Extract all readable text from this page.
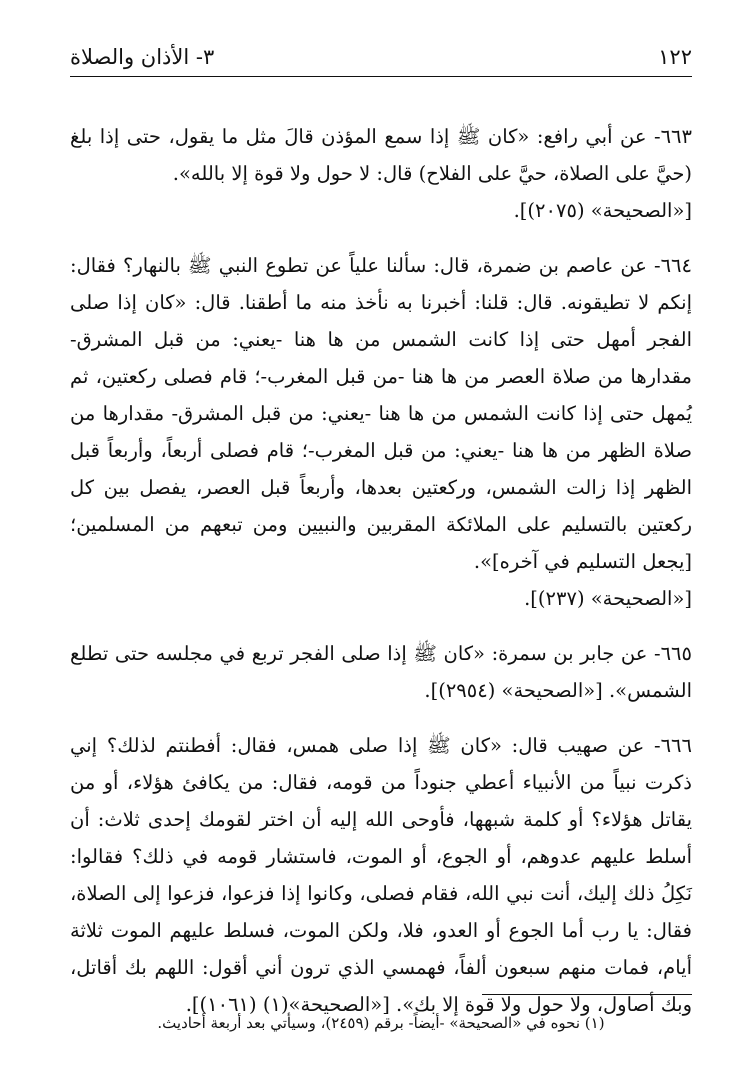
١٢٢
٣- الأذان والصلاة

٦٦٣- عن أبي رافع: «كان ﷺ إذا سمع المؤذن قالَ مثل ما يقول، حتى إذا بلغ (حيَّ على الصلاة، حيَّ على الفلاح) قال: لا حول ولا قوة إلا بالله».

[«الصحيحة» (٢٠٧٥)].

٦٦٤- عن عاصم بن ضمرة، قال: سألنا علياً عن تطوع النبي ﷺ بالنهار؟ فقال: إنكم لا تطيقونه. قال: قلنا: أخبرنا به نأخذ منه ما أطقنا. قال: «كان إذا صلى الفجر أمهل حتى إذا كانت الشمس من ها هنا -يعني: من قبل المشرق- مقدارها من صلاة العصر من ها هنا -من قبل المغرب-؛ قام فصلى ركعتين، ثم يُمهل حتى إذا كانت الشمس من ها هنا -يعني: من قبل المشرق- مقدارها من صلاة الظهر من ها هنا -يعني: من قبل المغرب-؛ قام فصلى أربعاً، وأربعاً قبل الظهر إذا زالت الشمس، وركعتين بعدها، وأربعاً قبل العصر، يفصل بين كل ركعتين بالتسليم على الملائكة المقربين والنبيين ومن تبعهم من المسلمين؛ [يجعل التسليم في آخره]».

[«الصحيحة» (٢٣٧)].

٦٦٥- عن جابر بن سمرة: «كان ﷺ إذا صلى الفجر تربع في مجلسه حتى تطلع الشمس». [«الصحيحة» (٢٩٥٤)].

٦٦٦- عن صهيب قال: «كان ﷺ إذا صلى همس، فقال: أفطنتم لذلك؟ إني ذكرت نبياً من الأنبياء أعطي جنوداً من قومه، فقال: من يكافئ هؤلاء، أو من يقاتل هؤلاء؟ أو كلمة شبهها، فأوحى الله إليه أن اختر لقومك إحدى ثلاث: أن أسلط عليهم عدوهم، أو الجوع، أو الموت، فاستشار قومه في ذلك؟ فقالوا: نَكِلُ ذلك إليك، أنت نبي الله، فقام فصلى، وكانوا إذا فزعوا، فزعوا إلى الصلاة، فقال: يا رب أما الجوع أو العدو، فلا، ولكن الموت، فسلط عليهم الموت ثلاثة أيام، فمات منهم سبعون ألفاً، فهمسي الذي ترون أني أقول: اللهم بك أقاتل، وبك أصاول، ولا حول ولا قوة إلا بك». [«الصحيحة»(١) (١٠٦١)].

(١) نحوه في «الصحيحة» -أيضاً- برقم (٢٤٥٩)، وسيأتي بعد أربعة أحاديث.
